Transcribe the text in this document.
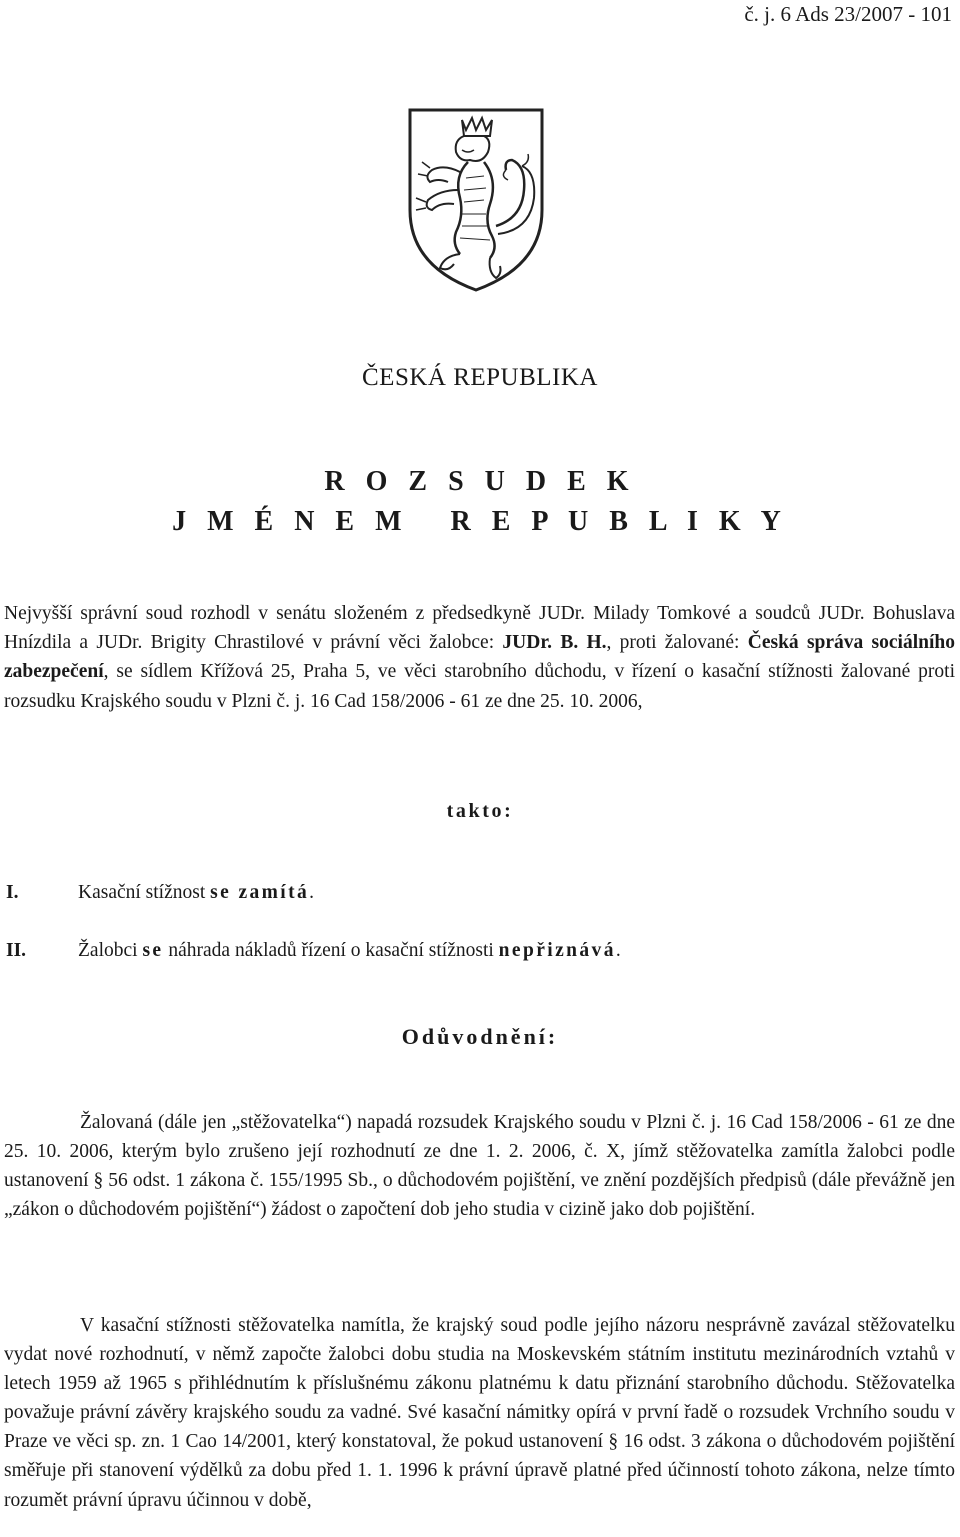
č. j. 6 Ads 23/2007 - 101
ČESKÁ REPUBLIKA
R O Z S U D E K
J M É N E M   R E P U B L I K Y
Nejvyšší správní soud rozhodl v senátu složeném z předsedkyně JUDr. Milady Tomkové a soudců JUDr. Bohuslava Hnízdila a JUDr. Brigity Chrastilové v právní věci žalobce: JUDr. B. H., proti žalované: Česká správa sociálního zabezpečení, se sídlem Křížová 25, Praha 5, ve věci starobního důchodu, v řízení o kasační stížnosti žalované proti rozsudku Krajského soudu v Plzni č. j. 16 Cad 158/2006 - 61 ze dne 25. 10. 2006,
takto:
I.	Kasační stížnost se zamítá.
II.	Žalobci se náhrada nákladů řízení o kasační stížnosti nepřiznává.
Odůvodnění:
Žalovaná (dále jen „stěžovatelka“) napadá rozsudek Krajského soudu v Plzni č. j. 16 Cad 158/2006 - 61 ze dne 25. 10. 2006, kterým bylo zrušeno její rozhodnutí ze dne 1. 2. 2006, č. X, jímž stěžovatelka zamítla žalobci podle ustanovení § 56 odst. 1 zákona č. 155/1995 Sb., o důchodovém pojištění, ve znění pozdějších předpisů (dále převážně jen „zákon o důchodovém pojištění“) žádost o započtení dob jeho studia v cizině jako dob pojištění.
V kasační stížnosti stěžovatelka namítla, že krajský soud podle jejího názoru nesprávně zavázal stěžovatelku vydat nové rozhodnutí, v němž započte žalobci dobu studia na Moskevském státním institutu mezinárodních vztahů v letech 1959 až 1965 s přihlédnutím k příslušnému zákonu platnému k datu přiznání starobního důchodu. Stěžovatelka považuje právní závěry krajského soudu za vadné. Své kasační námitky opírá v první řadě o rozsudek Vrchního soudu v Praze ve věci sp. zn. 1 Cao 14/2001, který konstatoval, že pokud ustanovení § 16 odst. 3 zákona o důchodovém pojištění směřuje při stanovení výdělků za dobu před 1. 1. 1996 k právní úpravě platné před účinností tohoto zákona, nelze tímto rozumět právní úpravu účinnou v době,
